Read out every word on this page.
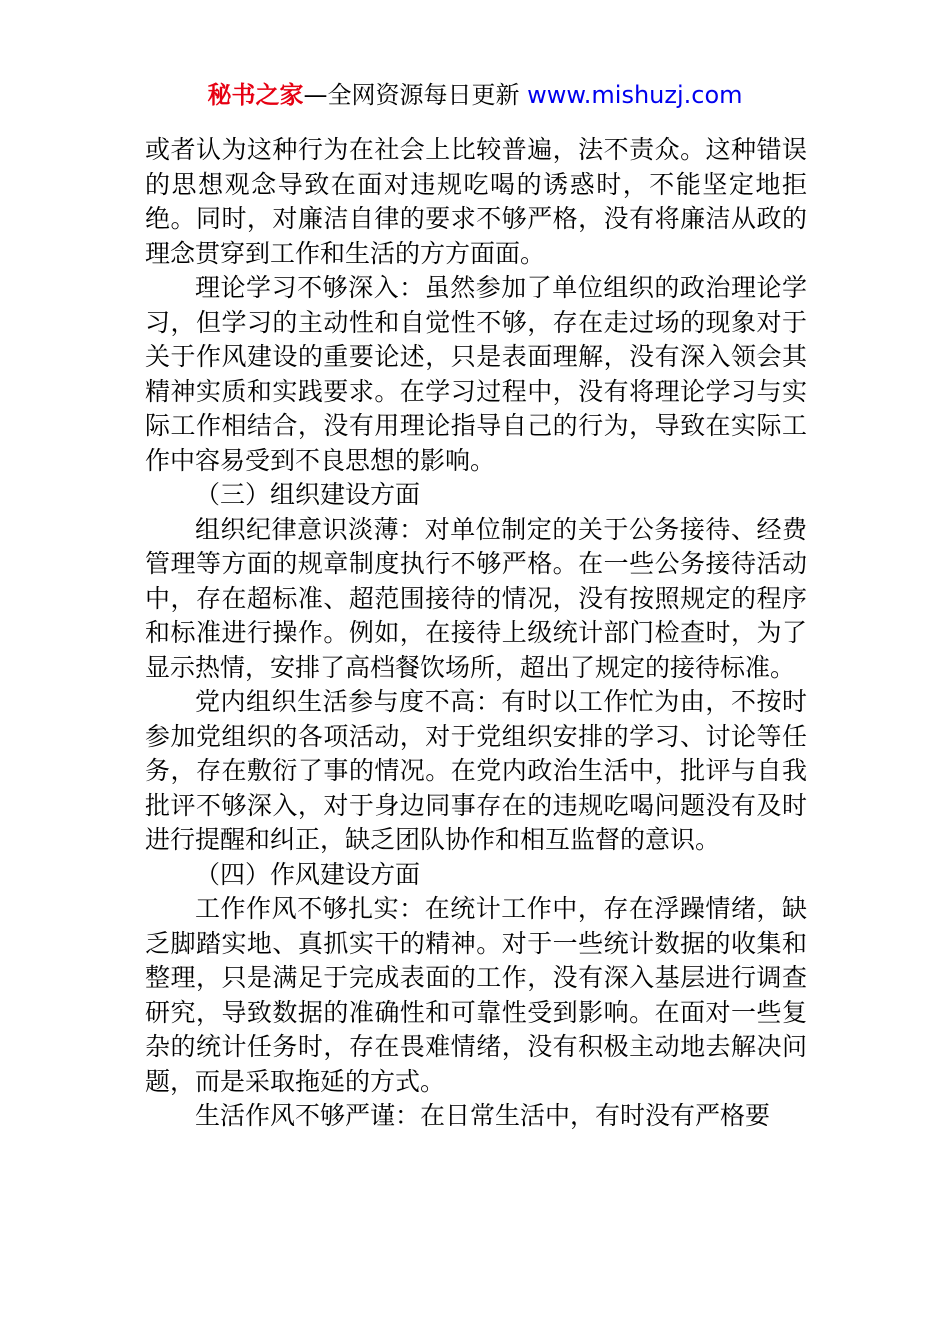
秘书之家—全网资源每日更新 www.mishuzj.com

或者认为这种行为在社会上比较普遍，法不责众。这种错误的思想观念导致在面对违规吃喝的诱惑时，不能坚定地拒绝。同时，对廉洁自律的要求不够严格，没有将廉洁从政的理念贯穿到工作和生活的方方面面。

理论学习不够深入：虽然参加了单位组织的政治理论学习，但学习的主动性和自觉性不够，存在走过场的现象对于关于作风建设的重要论述，只是表面理解，没有深入领会其精神实质和实践要求。在学习过程中，没有将理论学习与实际工作相结合，没有用理论指导自己的行为，导致在实际工作中容易受到不良思想的影响。

（三）组织建设方面

组织纪律意识淡薄：对单位制定的关于公务接待、经费管理等方面的规章制度执行不够严格。在一些公务接待活动中，存在超标准、超范围接待的情况，没有按照规定的程序和标准进行操作。例如，在接待上级统计部门检查时，为了显示热情，安排了高档餐饮场所，超出了规定的接待标准。

党内组织生活参与度不高：有时以工作忙为由，不按时参加党组织的各项活动，对于党组织安排的学习、讨论等任务，存在敷衍了事的情况。在党内政治生活中，批评与自我批评不够深入，对于身边同事存在的违规吃喝问题没有及时进行提醒和纠正，缺乏团队协作和相互监督的意识。

（四）作风建设方面

工作作风不够扎实：在统计工作中，存在浮躁情绪，缺乏脚踏实地、真抓实干的精神。对于一些统计数据的收集和整理，只是满足于完成表面的工作，没有深入基层进行调查研究，导致数据的准确性和可靠性受到影响。在面对一些复杂的统计任务时，存在畏难情绪，没有积极主动地去解决问题，而是采取拖延的方式。

生活作风不够严谨：在日常生活中，有时没有严格要
